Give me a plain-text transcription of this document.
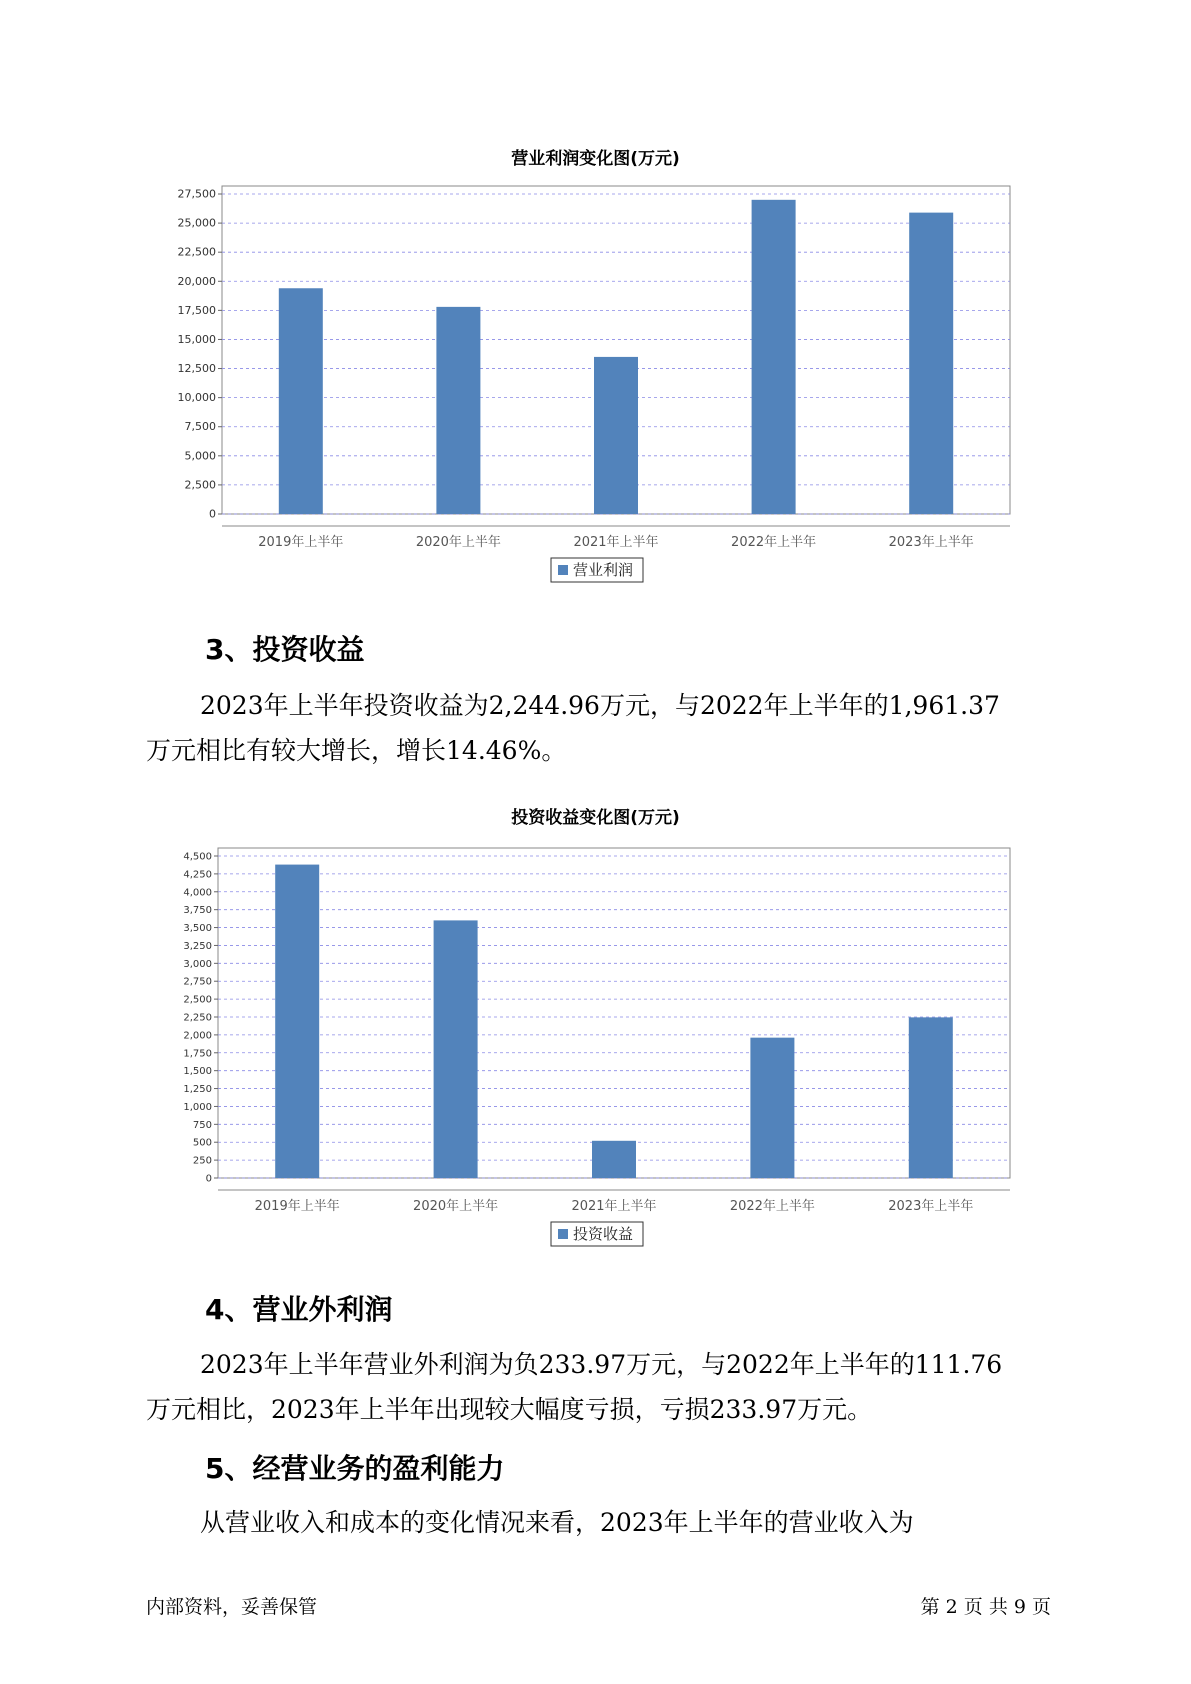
营业利润变化图(万元)
0
2,500
5,000
7,500
10,000
12,500
15,000
17,500
20,000
22,500
25,000
27,500
2019年上半年	2020年上半年	2021年上半年	2022年上半年	2023年上半年
营业利润
3、投资收益

2023年上半年投资收益为2,244.96万元，与2022年上半年的1,961.37

万元相比有较大增长，增长14.46%。

投资收益变化图(万元)
0
250
500
750
1,000
1,250
1,500
1,750
2,000
2,250
2,500
2,750
3,000
3,250
3,500
3,750
4,000
4,250
4,500
2019年上半年	2020年上半年	2021年上半年	2022年上半年	2023年上半年
投资收益
4、营业外利润

2023年上半年营业外利润为负233.97万元，与2022年上半年的111.76

万元相比，2023年上半年出现较大幅度亏损，亏损233.97万元。

5、经营业务的盈利能力

从营业收入和成本的变化情况来看，2023年上半年的营业收入为

内部资料，妥善保管	第 2 页 共 9 页
